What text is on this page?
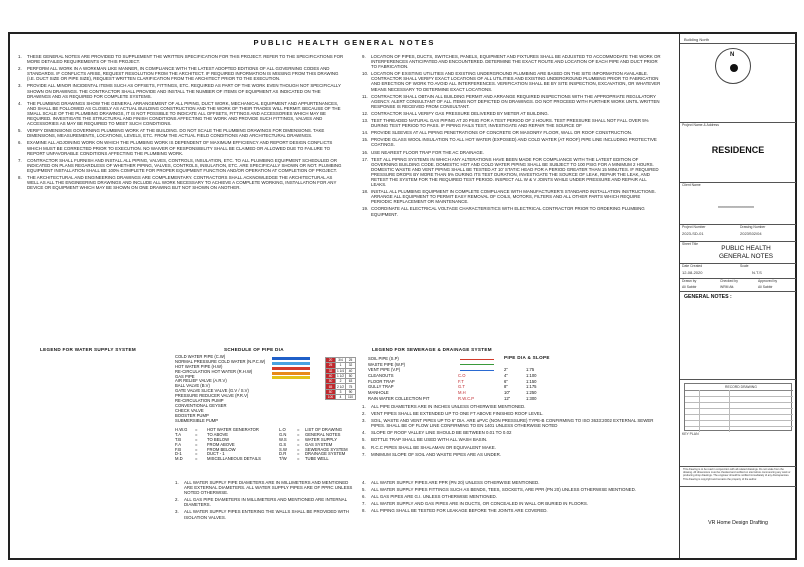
PUBLIC HEALTH GENERAL NOTES
1. THESE GENERAL NOTES ARE PROVIDED TO SUPPLEMENT THE WRITTEN SPECIFICATION FOR THIS PROJECT. REFER TO THE SPECIFICATIONS FOR MORE DETAILED REQUIREMENTS OF THIS PROJECT.
2. PERFORM ALL WORK IN A WORKMAN LIKE MANNER, IN COMPLIANCE WITH THE LATEST ADOPTED EDITIONS OF ALL GOVERNING CODES AND STANDARDS. IF CONFLICTS ARISE, REQUEST RESOLUTION FROM THE ARCHITECT. IF REQUIRED INFORMATION IS MISSING FROM THIS DRAWING (I.E. DUCT SIZE OR PIPE SIZE), REQUEST WRITTEN CLARIFICATION FROM THE ARCHITECT PRIOR TO THE EXECUTION.
3. PROVIDE ALL MINOR INCIDENTAL ITEMS SUCH AS OFFSETS, FITTINGS, ETC. REQUIRED AS PART OF THE WORK EVEN THOUGH NOT SPECIFICALLY SHOWN ON DRAWINGS. THE CONTRACTOR SHALL PROVIDE AND INSTALL THE NUMBER OF ITEMS OF EQUIPMENT AS INDICATED ON THE DRAWINGS AND AS REQUIRED FOR COMPLETE SYSTEMS.
4. THE PLUMBING DRAWINGS SHOW THE GENERAL ARRANGEMENT OF ALL PIPING, DUCT WORK, MECHANICAL EQUIPMENT AND APPURTENANCES, AND SHALL BE FOLLOWED AS CLOSELY AS ACTUAL BUILDING CONSTRUCTION AND THE WORK OF THEIR TRADES WILL PERMIT. BECAUSE OF THE SMALL SCALE OF THE PLUMBING DRAWINGS, IT IS NOT POSSIBLE TO INDICATE ALL OFFSETS, FITTINGS AND ACCESSORIES WHICH MAY BE REQUIRED. INVESTIGATE THE STRUCTURAL AND FINISH CONDITIONS AFFECTING THE WORK AND PROVIDE SUCH FITTINGS, VALVES AND ACCESSORIES AS MAY BE REQUIRED TO MEET SUCH CONDITIONS.
5. VERIFY DIMENSIONS GOVERNING PLUMBING WORK AT THE BUILDING. DO NOT SCALE THE PLUMBING DRAWINGS FOR DIMENSIONS. TAKE DIMENSIONS, MEASUREMENTS, LOCATIONS, LEVELS, ETC. FROM THE ACTUAL FIELD CONDITIONS AND ARCHITECTURAL DRAWINGS.
6. EXAMINE ALL ADJOINING WORK ON WHICH THE PLUMBING WORK IS DEPENDENT OF MAXIMUM EFFICIENCY AND REPORT DESIGN CONFLICTS WHICH MUST BE CORRECTED PRIOR TO EXECUTION. NO WAIVER OF RESPONSIBILITY SHALL BE CLAIMED OR ALLOWED DUE TO FAILURE TO REPORT UNFAVORABLE CONDITIONS AFFECTING THE PLUMBING WORK.
7. CONTRACTOR SHALL FURNISH AND INSTALL ALL PIPING, VALVES, CONTROLS, INSULATION, ETC. TO ALL PLUMBING EQUIPMENT SCHEDULED OR INDICATED ON PLANS REGARDLESS OF WHETHER PIPING, VALVES, CONTROLS, INSULATION, ETC. ARE SPECIFICALLY SHOWN OR NOT. PLUMBING EQUIPMENT INSTALLATION SHALL BE 100% COMPLETE FOR PROPER EQUIPMENT FUNCTION AND/OR OPERATION AT COMPLETION OF PROJECT.
8. THE ARCHITECTURAL AND ENGINEERING DRAWINGS ARE COMPLEMENTARY. CONTRACTORS SHALL ACKNOWLEDGE THE ARCHITECTURAL AS WELL AS ALL THE ENGINEERING DRAWINGS AND INCLUDE ALL WORK NECESSARY TO ACHIEVE A COMPLETE WORKING, INSTALLATION FOR ANY DEVICE OR EQUIPMENT WHICH MAY BE SHOWN ON ONE DRAWING BUT NOT SHOWN ON ANOTHER.
9. LOCATION OF PIPES, DUCTS, SWITCHES, PANELS, EQUIPMENT AND FIXTURES SHALL BE ADJUSTED TO ACCOMMODATE THE WORK OR INTERFERENCES ANTICIPATED AND ENCOUNTERED. DETERMINE THE EXACT ROUTE AND LOCATION OF EACH PIPE AND DUCT PRIOR TO FABRICATION.
10. LOCATION OF EXISTING UTILITIES AND EXISTING UNDERGROUND PLUMBING ARE BASED ON THE SITE INFORMATION AVAILABLE. CONTRACTOR SHALL VERIFY EXACT LOCATIONS OF ALL UTILITIES AND EXISTING UNDERGROUND PLUMBING PRIOR TO FABRICATION AND ERECTION OF WORK TO AVOID ALL INTERFERENCES. VERIFICATION SHALL BE BY SITE INSPECTION, EXCAVATION, OR WHATEVER MEANS NECESSARY TO DETERMINE EXACT LOCATIONS.
11. CONTRACTOR SHALL OBTAIN ALL BUILDING PERMIT AND ARRANGE REQUIRED INSPECTIONS WITH THE APPROPRIATE REGULATORY AGENCY. ALERT CONSULTANT OF ALL ITEMS NOT DEPICTED ON DRAWINGS. DO NOT PROCEED WITH FURTHER WORK UNTIL WRITTEN RESPONSE IS RECEIVED FROM CONSULTANT.
12. CONTRACTOR SHALL VERIFY GAS PRESSURE DELIVERED BY METER AT BUILDING.
13. TEST THREADED NATURAL GAS PIPING AT 20 PSIG FOR A TEST PERIOD OF 2 HOURS. TEST PRESSURE SHALL NOT FALL OVER 5% DURING TEST PERIOD TO PASS. IF PIPING FAILS TEST, INVESTIGATE AND REPAIR THE SOURCE OF
14. PROVIDE SLEEVES AT ALL PIPING PENETRATIONS OF CONCRETE OR MASONRY FLOOR, WALL OR ROOF CONSTRUCTION.
15. PROVIDE GLASS WOOL INSULATION TO ALL HOT WATER (EXPOSED) AND COLD WATER (AT ROOF) PIPE LINE INCLUDING PROTECTIVE COATINGS.
16. USE NEAREST FLOOR TRAP FOR THE AC DRAINAGE.
17. TEST ALL PIPING SYSTEMS IN WHICH ANY ALTERATIONS HAVE BEEN MADE FOR COMPLIANCE WITH THE LATEST EDITION OF GOVERNING BUILDING CODE. DOMESTIC HOT AND COLD WATER PIPING SHALL BE SUBJECT TO 100 PSIG FOR A MINIMUM 2 HOURS. DOMESTIC WASTE AND VENT PIPING SHALL BE TESTED AT 10' STATIC HEAD FOR A PERIOD GREATER THAN 15 MINUTES. IF REQUIRED PRESSURE DROPS BY MORE THAN 5% DURING ITS TEST DURATION, INVESTIGATE THE SOURCE OF LEAK, REPAIR THE LEAK, AND RETEST THE SYSTEM FOR THE REQUIRED TEST PERIOD. INSPECT ALL W & V JOINTS WHILE UNDER PRESSURE AND REPAIR ALL LEAKS.
18. INSTALL ALL PLUMBING EQUIPMENT IN COMPLETE COMPLIANCE WITH MANUFACTURER'S STANDARD INSTALLATION INSTRUCTIONS. ARRANGE ALL EQUIPMENT TO PERMIT EASY REMOVAL OF COILS, MOTORS, FILTERS AND ALL OTHER PARTS WHICH REQUIRE PERIODIC REPLACEMENT OR MAINTENANCE.
19. COORDINATE ALL ELECTRICAL VOLTAGE CHARACTERISTICS WITH ELECTRICAL CONTRACTOR PRIOR TO ORDERING PLUMBING EQUIPMENT.
LEGEND FOR WATER SUPPLY SYSTEM	SCHEDULE OF PIPE DIA
COLD WATER PIPE (C.W)
NORMAL PRESSURE COLD WATER (N.P.C.W)
HOT WATER PIPE (H.W)
RE-CIRCULATION HOT WATER (R.H.W)
GAS PIPE
AIR RELIEF VALVE (A.R.V)
BALL VALVE (B.V)
GATE VALVE SLICE VALVE (G.V / S.V)
PRESSURE REDUCER VALVE (P.R.V)
RE-CIRCULATION PUMP
CONVENTIONAL GEYSER
CHECK VALVE
BOOSTER PUMP
SUBMERSIBLE PUMP
20	3/4	25
25	1	32
32	1 1/4	40
40	1 1/2	50
50	2	63
65	2 1/2	75
80	3	90
100	4	110
H.W.G = HOT WATER GENERATOR	L.O	= LIST OF DRAWING
T.A	= TO ABOVE	G.N	= GENERAL NOTES
T.B	= TO BELOW	W.S = WATER SUPPLY
F.A	= FROM ABOVE	G.S	= GAS SYSTEM
F.B	= FROM BELOW	S.W = SEWERAGE SYSTEM
D-1	= DUCT - 1	D.R	= DRAINAGE SYSTEM
M.D	= MISCELLANEOUS DETAILS	T/W = TUBE WELL
1. ALL WATER SUPPLY PIPE DIAMETERS ARE IN MILLIMETERS AND MENTIONED ARE EXTERNAL DIAMETERS. ALL WATER SUPPLY PIPES ARE OF PPRC UNLESS NOTED OTHERWISE.
2. ALL GAS PIPE DIAMETERS IN MILLIMETERS AND MENTIONED ARE INTERNAL DIAMETERS.
3. ALL WATER SUPPLY PIPES ENTERING THE WALLS SHALL BE PROVIDED WITH ISOLATION VALVES.
LEGEND FOR SEWERAGE & DRAINAGE SYSTEM
PIPE DIA & SLOPE
SOIL PIPE (S.P)
WASTE PIPE (W.P)
VENT PIPE (V.P)	2"	1:75
CLEANOUTS	C.O	4"	1:100
FLOOR TRAP	F.T	6"	1:150
GULLY TRAP	G.T	8"	1:175
MANHOLE	M.H	10"	1:250
RAIN WATER COLLECTION PIT	R.W.C.P	12"	1:300
1. ALL PIPE DIAMETERS ARE IN INCHES UNLESS OTHERWISE MENTIONED.
2. VENT PIPES SHALL BE EXTENDED UP TO ONE FT ABOVE FINISHED ROOF LEVEL.
3. SOIL, WASTE AND VENT PIPES UP TO 6" DIA. ARE uPVC (NON PRESSURE) TYPE-B CONFIRMING TO ISO 3633:2002 EXTERNAL SEWER PIPES. SHALL BE OF FLOW LINE CONFIRMING TO EN 1401 UNLESS OTHERWISE NOTED
4. SLOPE OF ROOF VALLEY LINE SHOULD BE BETWEEN 0.01 TO 0.02
5. BOTTLE TRAP SHALL BE USED WITH ALL WASH BASIN.
6. R.C.C PIPES SHALL BE SHALAMAN OR EQUIVALENT MAKE.
7. MINIMUM SLOPE OF SOIL AND WASTE PIPES ARE AS UNDER.
4. ALL WATER SUPPLY PIPES ARE PPR (PN 20) UNLESS OTHERWISE MENTIONED.
5. ALL WATER SUPPLY PIPES FITTINGS SUCH AS BENDS, TEES, SOCKETS, ARE PPR (PN 20) UNLESS OTHERWISE MENTIONED.
6. ALL GAS PIPES ARE G.I. UNLESS OTHERWISE MENTIONED.
7. ALL WATER SUPPLY AND GAS PIPES ARE IN DUCTS, OR CONCEALED IN WALL OR BURIED IN FLOORS.
8. ALL PIPING SHALL BE TESTED FOR LEAKAGE BEFORE THE JOINTS ARE COVERED.
Building North
N
Project Name & Address
RESIDENCE
Client Name
xxxxxxxxxxxxxxxxxx
Project Number	Drawing Number
2023-SD-01	2023S02/04
Sheet Title
PUBLIC HEALTH GENERAL NOTES
Date Created	Scale
12-08-2020	N.T.S
Drawn by	Checked by	Approved by
Ali Sabbir	WRM Att.	Ali Sabbir
GENERAL NOTES :
RECORD DRAWING
KEY PLAN
This drawing is to be read in conjunction with all related drawings. Do not scale from the drawing. All dimensions must be checked and verified on site before commencing any work or producing shop drawings. The engineer should be notified immediately of any discrepancies. This drawing is copyright and remains the property of the author.
VR Home Design Drafting
